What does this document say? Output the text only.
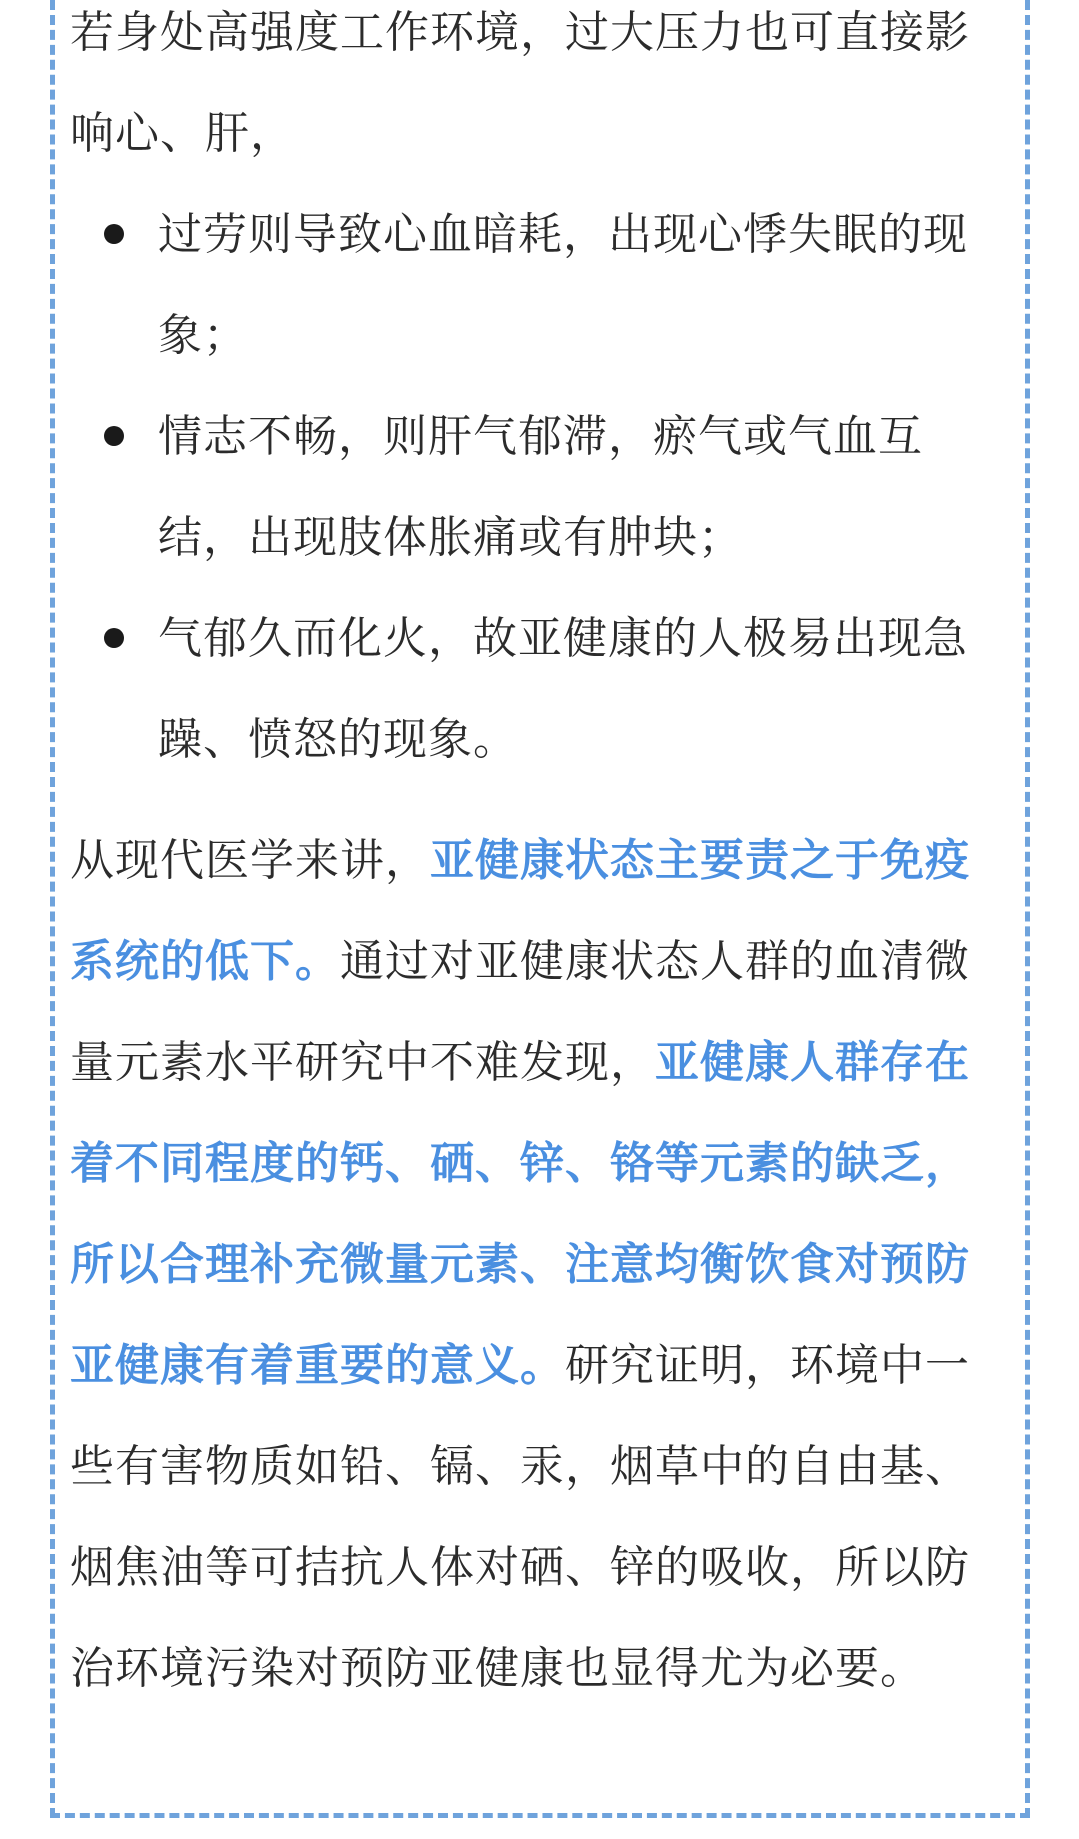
若身处高强度工作环境，过大压力也可直接影响心、肝，

过劳则导致心血暗耗，出现心悸失眠的现象；
情志不畅，则肝气郁滞，瘀气或气血互结，出现肢体胀痛或有肿块；
气郁久而化火，故亚健康的人极易出现急躁、愤怒的现象。

从现代医学来讲，亚健康状态主要责之于免疫系统的低下。通过对亚健康状态人群的血清微量元素水平研究中不难发现，亚健康人群存在着不同程度的钙、硒、锌、铬等元素的缺乏，所以合理补充微量元素、注意均衡饮食对预防亚健康有着重要的意义。研究证明，环境中一些有害物质如铅、镉、汞，烟草中的自由基、烟焦油等可拮抗人体对硒、锌的吸收，所以防治环境污染对预防亚健康也显得尤为必要。
